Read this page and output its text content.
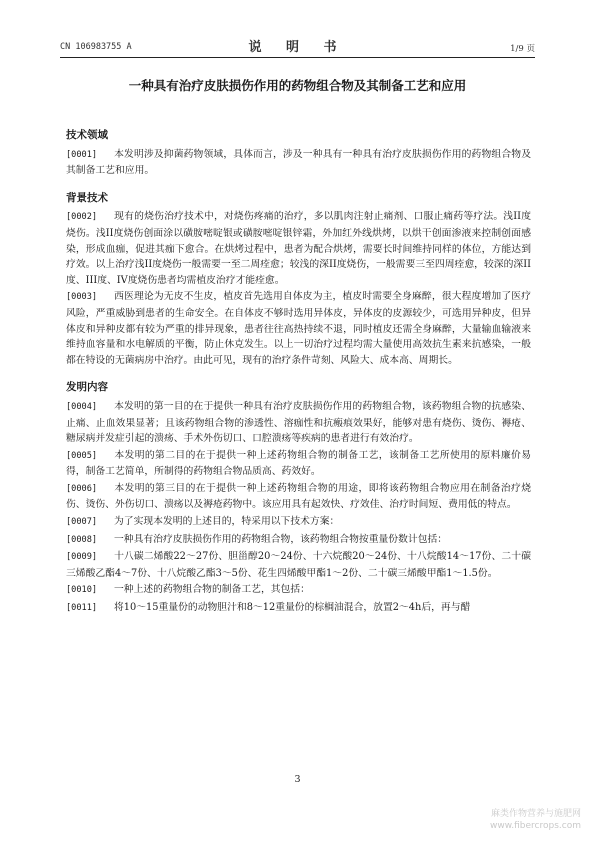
CN 106983755 A	说 明 书	1/9 页
一种具有治疗皮肤损伤作用的药物组合物及其制备工艺和应用
技术领域

[0001] 本发明涉及抑菌药物领域，具体而言，涉及一种具有一种具有治疗皮肤损伤作用的药物组合物及其制备工艺和应用。

背景技术

[0002] 现有的烧伤治疗技术中，对烧伤疼痛的治疗，多以肌肉注射止痛剂、口服止痛药等疗法。浅II度烧伤。浅II度烧伤创面涂以磺胺嘧啶银或磺胺嘧啶银锌霜，外加红外线烘烤，以烘干创面渗液来控制创面感染，形成血痂，促进其痂下愈合。在烘烤过程中，患者为配合烘烤，需要长时间维持同样的体位，方能达到疗效。以上治疗浅II度烧伤一般需要一至二周痊愈；较浅的深II度烧伤，一般需要三至四周痊愈，较深的深II度、III度、IV度烧伤患者均需植皮治疗才能痊愈。

[0003] 西医理论为无皮不生皮，植皮首先选用自体皮为主，植皮时需要全身麻醉，很大程度增加了医疗风险，严重威胁到患者的生命安全。在自体皮不够时选用异体皮，异体皮的皮源较少，可选用异种皮，但异体皮和异种皮都有较为严重的排异现象，患者往往高热持续不退，同时植皮还需全身麻醉，大量输血输液来维持血容量和水电解质的平衡，防止休克发生。以上一切治疗过程均需大量使用高效抗生素来抗感染，一般都在特设的无菌病房中治疗。由此可见，现有的治疗条件苛刻、风险大、成本高、周期长。

发明内容

[0004] 本发明的第一目的在于提供一种具有治疗皮肤损伤作用的药物组合物，该药物组合物的抗感染、止痛、止血效果显著；且该药物组合物的渗透性、溶痂性和抗瘢痕效果好，能够对患有烧伤、烫伤、褥疮、糖尿病并发症引起的溃疡、手术外伤切口、口腔溃疡等疾病的患者进行有效治疗。

[0005] 本发明的第二目的在于提供一种上述药物组合物的制备工艺，该制备工艺所使用的原料廉价易得，制备工艺简单，所制得的药物组合物品质高、药效好。

[0006] 本发明的第三目的在于提供一种上述药物组合物的用途，即将该药物组合物应用在制备治疗烧伤、烫伤、外伤切口、溃疡以及褥疮药物中。该应用具有起效快、疗效佳、治疗时间短、费用低的特点。

[0007] 为了实现本发明的上述目的，特采用以下技术方案：

[0008] 一种具有治疗皮肤损伤作用的药物组合物，该药物组合物按重量份数计包括：

[0009] 十八碳二烯酸22～27份、胆甾醇20～24份、十六烷酸20～24份、十八烷酸14～17份、二十碳三烯酸乙酯4～7份、十八烷酸乙酯3～5份、花生四烯酸甲酯1～2份、二十碳三烯酸甲酯1～1.5份。

[0010] 一种上述的药物组合物的制备工艺，其包括：

[0011] 将10～15重量份的动物胆汁和8～12重量份的棕榈油混合，放置2～4h后，再与醋

3
麻类作物营养与施肥网
www.fibercrops.com
